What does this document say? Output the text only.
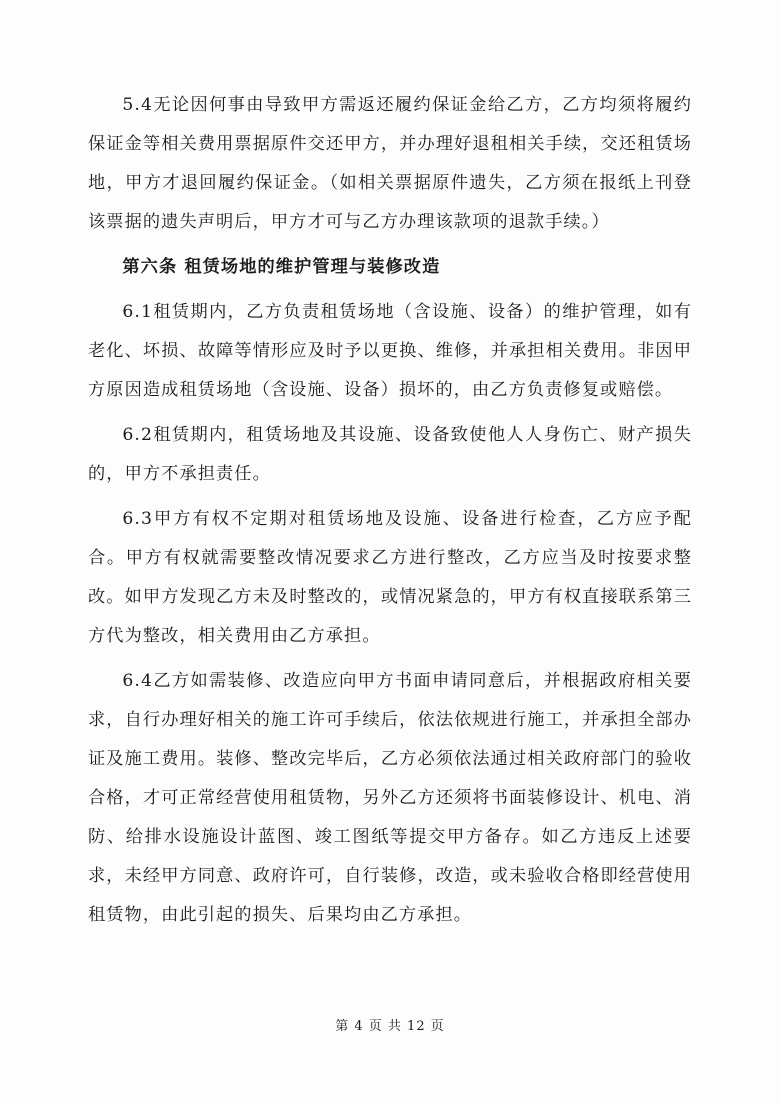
5.4无论因何事由导致甲方需返还履约保证金给乙方，乙方均须将履约保证金等相关费用票据原件交还甲方，并办理好退租相关手续，交还租赁场地，甲方才退回履约保证金。（如相关票据原件遗失，乙方须在报纸上刊登该票据的遗失声明后，甲方才可与乙方办理该款项的退款手续。）

第六条 租赁场地的维护管理与装修改造

6.1租赁期内，乙方负责租赁场地（含设施、设备）的维护管理，如有老化、坏损、故障等情形应及时予以更换、维修，并承担相关费用。非因甲方原因造成租赁场地（含设施、设备）损坏的，由乙方负责修复或赔偿。

6.2租赁期内，租赁场地及其设施、设备致使他人人身伤亡、财产损失的，甲方不承担责任。

6.3甲方有权不定期对租赁场地及设施、设备进行检查，乙方应予配合。甲方有权就需要整改情况要求乙方进行整改，乙方应当及时按要求整改。如甲方发现乙方未及时整改的，或情况紧急的，甲方有权直接联系第三方代为整改，相关费用由乙方承担。

6.4乙方如需装修、改造应向甲方书面申请同意后，并根据政府相关要求，自行办理好相关的施工许可手续后，依法依规进行施工，并承担全部办证及施工费用。装修、整改完毕后，乙方必须依法通过相关政府部门的验收合格，才可正常经营使用租赁物，另外乙方还须将书面装修设计、机电、消防、给排水设施设计蓝图、竣工图纸等提交甲方备存。如乙方违反上述要求，未经甲方同意、政府许可，自行装修，改造，或未验收合格即经营使用租赁物，由此引起的损失、后果均由乙方承担。

第 4 页 共 12 页
